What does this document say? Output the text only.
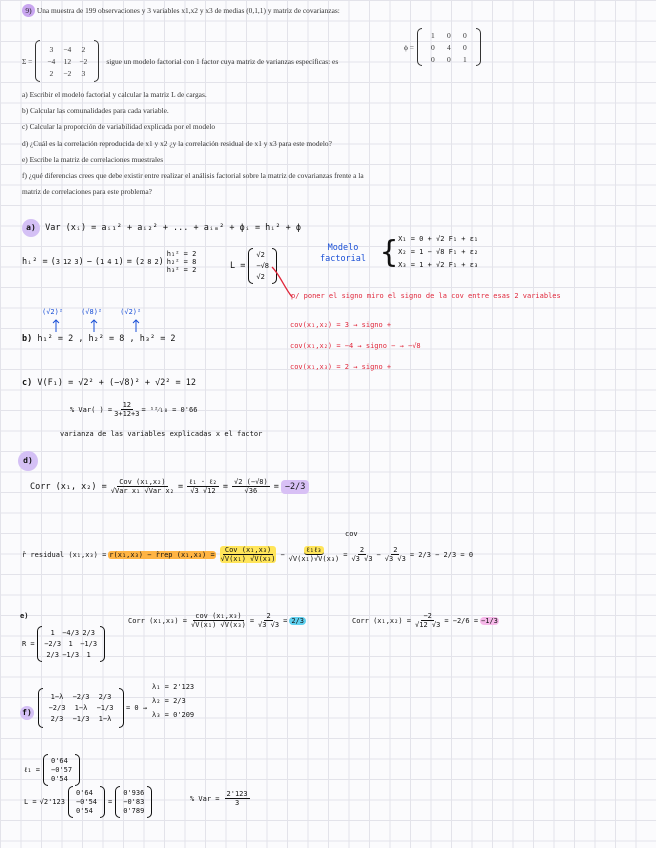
9) Una muestra de 199 observaciones y 3 variables x1,x2 y x3 de medias (0,1,1) y matriz de covarianzas:
ϕ =
1	0	0
0	4	0
0	0	1
Σ =
3	−4	2
−4	12	−2
2	−2	3
sigue un modelo factorial con 1 factor cuya matriz de varianzas específicas: es
a) Escribir el modelo factorial y calcular la matriz L de cargas.
b) Calcular las comunalidades para cada variable.
c) Calcular la proporción de variabilidad explicada por el modelo
d) ¿Cuál es la correlación reproducida de x1 y x2 ¿y la correlación residual de x1 y x3 para este modelo?
e) Escribe la matriz de correlaciones muestrales
f) ¿qué diferencias crees que debe existir entre realizar el análisis factorial sobre la matriz de covarianzas frente a la
matriz de correlaciones para este problema?
a) Var (xᵢ) = aᵢ₁² + aᵢ₂² + ... + aᵢₘ² + ϕᵢ = hᵢ² + ϕ
hᵢ² = ( 3 12 3 ) − ( 1 4 1 ) = ( 2 8 2 )
h₁² = 2
h₂² = 8
h₃² = 2	L =
√2
−√8
√2
Modelo factorial { X₁ = 0 + √2 F₁ + ε₁
X₂ = 1 − √8 F₁ + ε₂
X₃ = 1 + √2 F₁ + ε₃
p/ poner el signo miro el signo de la cov entre esas 2 variables
cov(x₁,x₂) = 3 → signo +
cov(x₁,x₂) = −4 → signo − → −√8
cov(x₁,x₃) = 2 → signo +
(√2)²	(√8)²	(√2)²
b) h₁² = 2 , h₂² = 8 , h₃² = 2
c) V(F₁) = √2² + (−√8)² + √2² = 12
% Var( ) = $\frac{12}{3+12+3}$ = ¹²⁄₁₈ = 0'66
varianza de las variables explicadas x el factor
d)
Corr (x₁, $x_2) = \frac{\text{Cov (x₁,x₂)}}{\text{√Var x₁ √Var x₂}} = \frac{\text{ℓ₁ · ℓ₂}}{√3 √12} = \frac{√2 (-√8)}{√36} = -2/3$
cov
r̂ residual (x₁,x₃) = r(x₁,x₃) − r̂rep $(x_1,x_3) = \frac{\text{Cov (x₁,x₃)}}{\text{√V(x₁) √V(x₃)}} - \frac{\text{ℓ₁ℓ₃}}{\text{√V(x₁)√V(x₃)}} = \frac{2}{√3 √3} - \frac{2}{√3 √3} = 2/3 - 2/3 = 0$
e)
R =
1	−4/3 2/3
−2/3	1	−1/3
2/3 −1/3	1
Corr $(x_1,x_3) = \frac{\text{cov (x₁,x₃)}}{\text{√V(x₁) √V(x₃)}} = \frac{2}{√3 √3} = 2/3$	Corr $(x_1,x_2) = \frac{-2}{√12 √3} = -2/6 = -1/3$
f)
1−λ	−2/3	2/3
−2/3	1−λ	−1/3
2/3	−1/3	1−λ
= 0 →
λ₁ = 2'123
λ₂ = 2/3
λ₃ = 0'209
ℓ₁ =
0'64
−0'57
0'54
L = √2'123
0'64
−0'54
0'54
=
0'936
−0'83
0'789
% Var = $\frac{2'123}{3}$
